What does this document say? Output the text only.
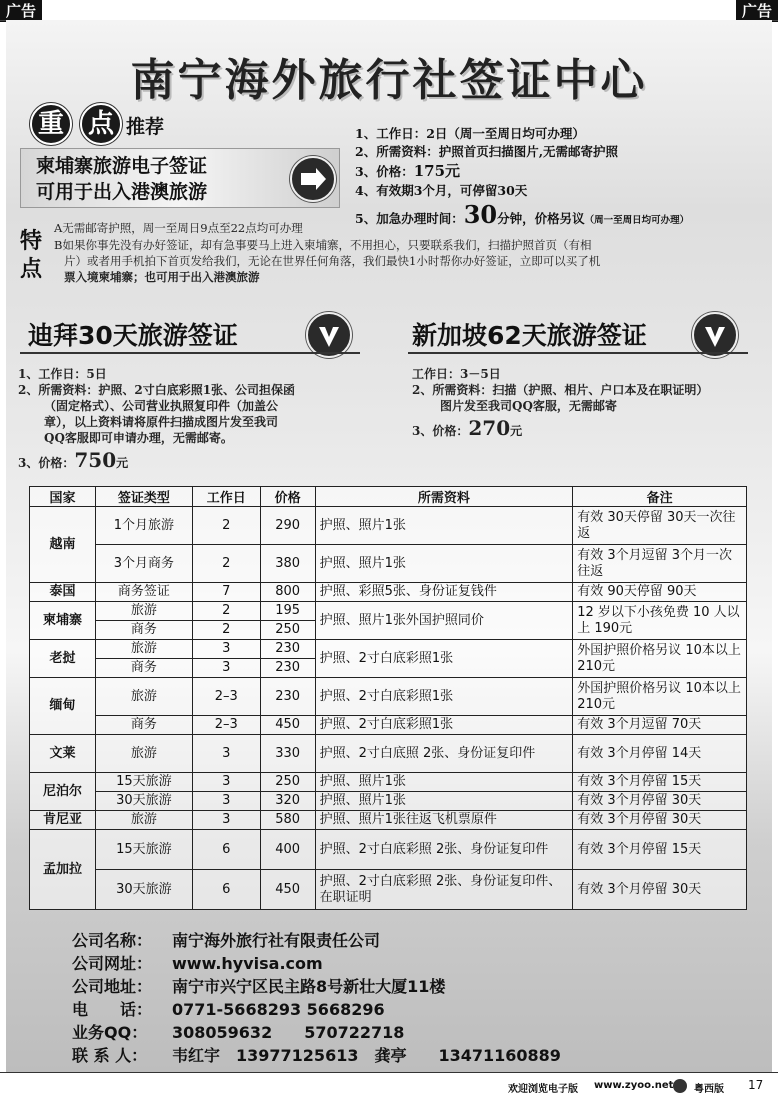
广告	广告
南宁海外旅行社签证中心
重 点 推荐
柬埔寨旅游电子签证
可用于出入港澳旅游
1、工作日：2日（周一至周日均可办理）
2、所需资料：护照首页扫描图片,无需邮寄护照
3、价格：175元
4、有效期3个月，可停留30天
5、加急办理时间：30分钟，价格另议（周一至周日均可办理）
特
点
A无需邮寄护照，周一至周日9点至22点均可办理
B如果你事先没有办好签证，却有急事要马上进入柬埔寨，不用担心，只要联系我们，扫描护照首页（有相
片）或者用手机拍下首页发给我们，无论在世界任何角落，我们最快1小时帮你办好签证，立即可以买了机
票入境柬埔寨；也可用于出入港澳旅游
迪拜30天旅游签证
1、工作日：5日
2、所需资料：护照、2寸白底彩照1张、公司担保函
（固定格式）、公司营业执照复印件（加盖公
章），以上资料请将原件扫描成图片发至我司
QQ客服即可申请办理，无需邮寄。
3、价格：750元
新加坡62天旅游签证
工作日：3－5日
2、所需资料：扫描（护照、相片、户口本及在职证明）
图片发至我司QQ客服，无需邮寄
3、价格：270元
国家	签证类型	工作日	价格	所需资料	备注
越南	1个月旅游	2	290	护照、照片1张	有效 30天停留 30天一次往返
	3个月商务	2	380	护照、照片1张	有效 3个月逗留 3个月一次往返
泰国	商务签证	7	800	护照、彩照5张、身份证复钱件	有效 90天停留 90天
柬埔寨	旅游	2	195	护照、照片1张外国护照同价	12 岁以下小孩免费 10 人以上 190元
	商务	2	250		
老挝	旅游	3	230	护照、2寸白底彩照1张	外国护照价格另议 10本以上 210元
	商务	3	230		
缅甸	旅游	2–3	230	护照、2寸白底彩照1张	外国护照价格另议 10本以上 210元
	商务	2–3	450	护照、2寸白底彩照1张	有效 3个月逗留 70天
文莱	旅游	3	330	护照、2寸白底照 2张、身份证复印件	有效 3个月停留 14天
尼泊尔	15天旅游	3	250	护照、照片1张	有效 3个月停留 15天
	30天旅游	3	320	护照、照片1张	有效 3个月停留 30天
肯尼亚	旅游	3	580	护照、照片1张往返飞机票原件	有效 3个月停留 30天
孟加拉	15天旅游	6	400	护照、2寸白底彩照 2张、身份证复印件	有效 3个月停留 15天
	30天旅游	6	450	护照、2寸白底彩照 2张、身份证复印件、在职证明	有效 3个月停留 30天
公司名称： 南宁海外旅行社有限责任公司
公司网址： www.hyvisa.com
公司地址： 南宁市兴宁区民主路8号新壮大厦11楼
电　　话： 0771-5668293 5668296
业务QQ： 308059632　　570722718
联 系 人： 韦红宇　13977125613　龚亭　　13471160889
欢迎浏览电子版 www.zyoo.net 粤西版 17
